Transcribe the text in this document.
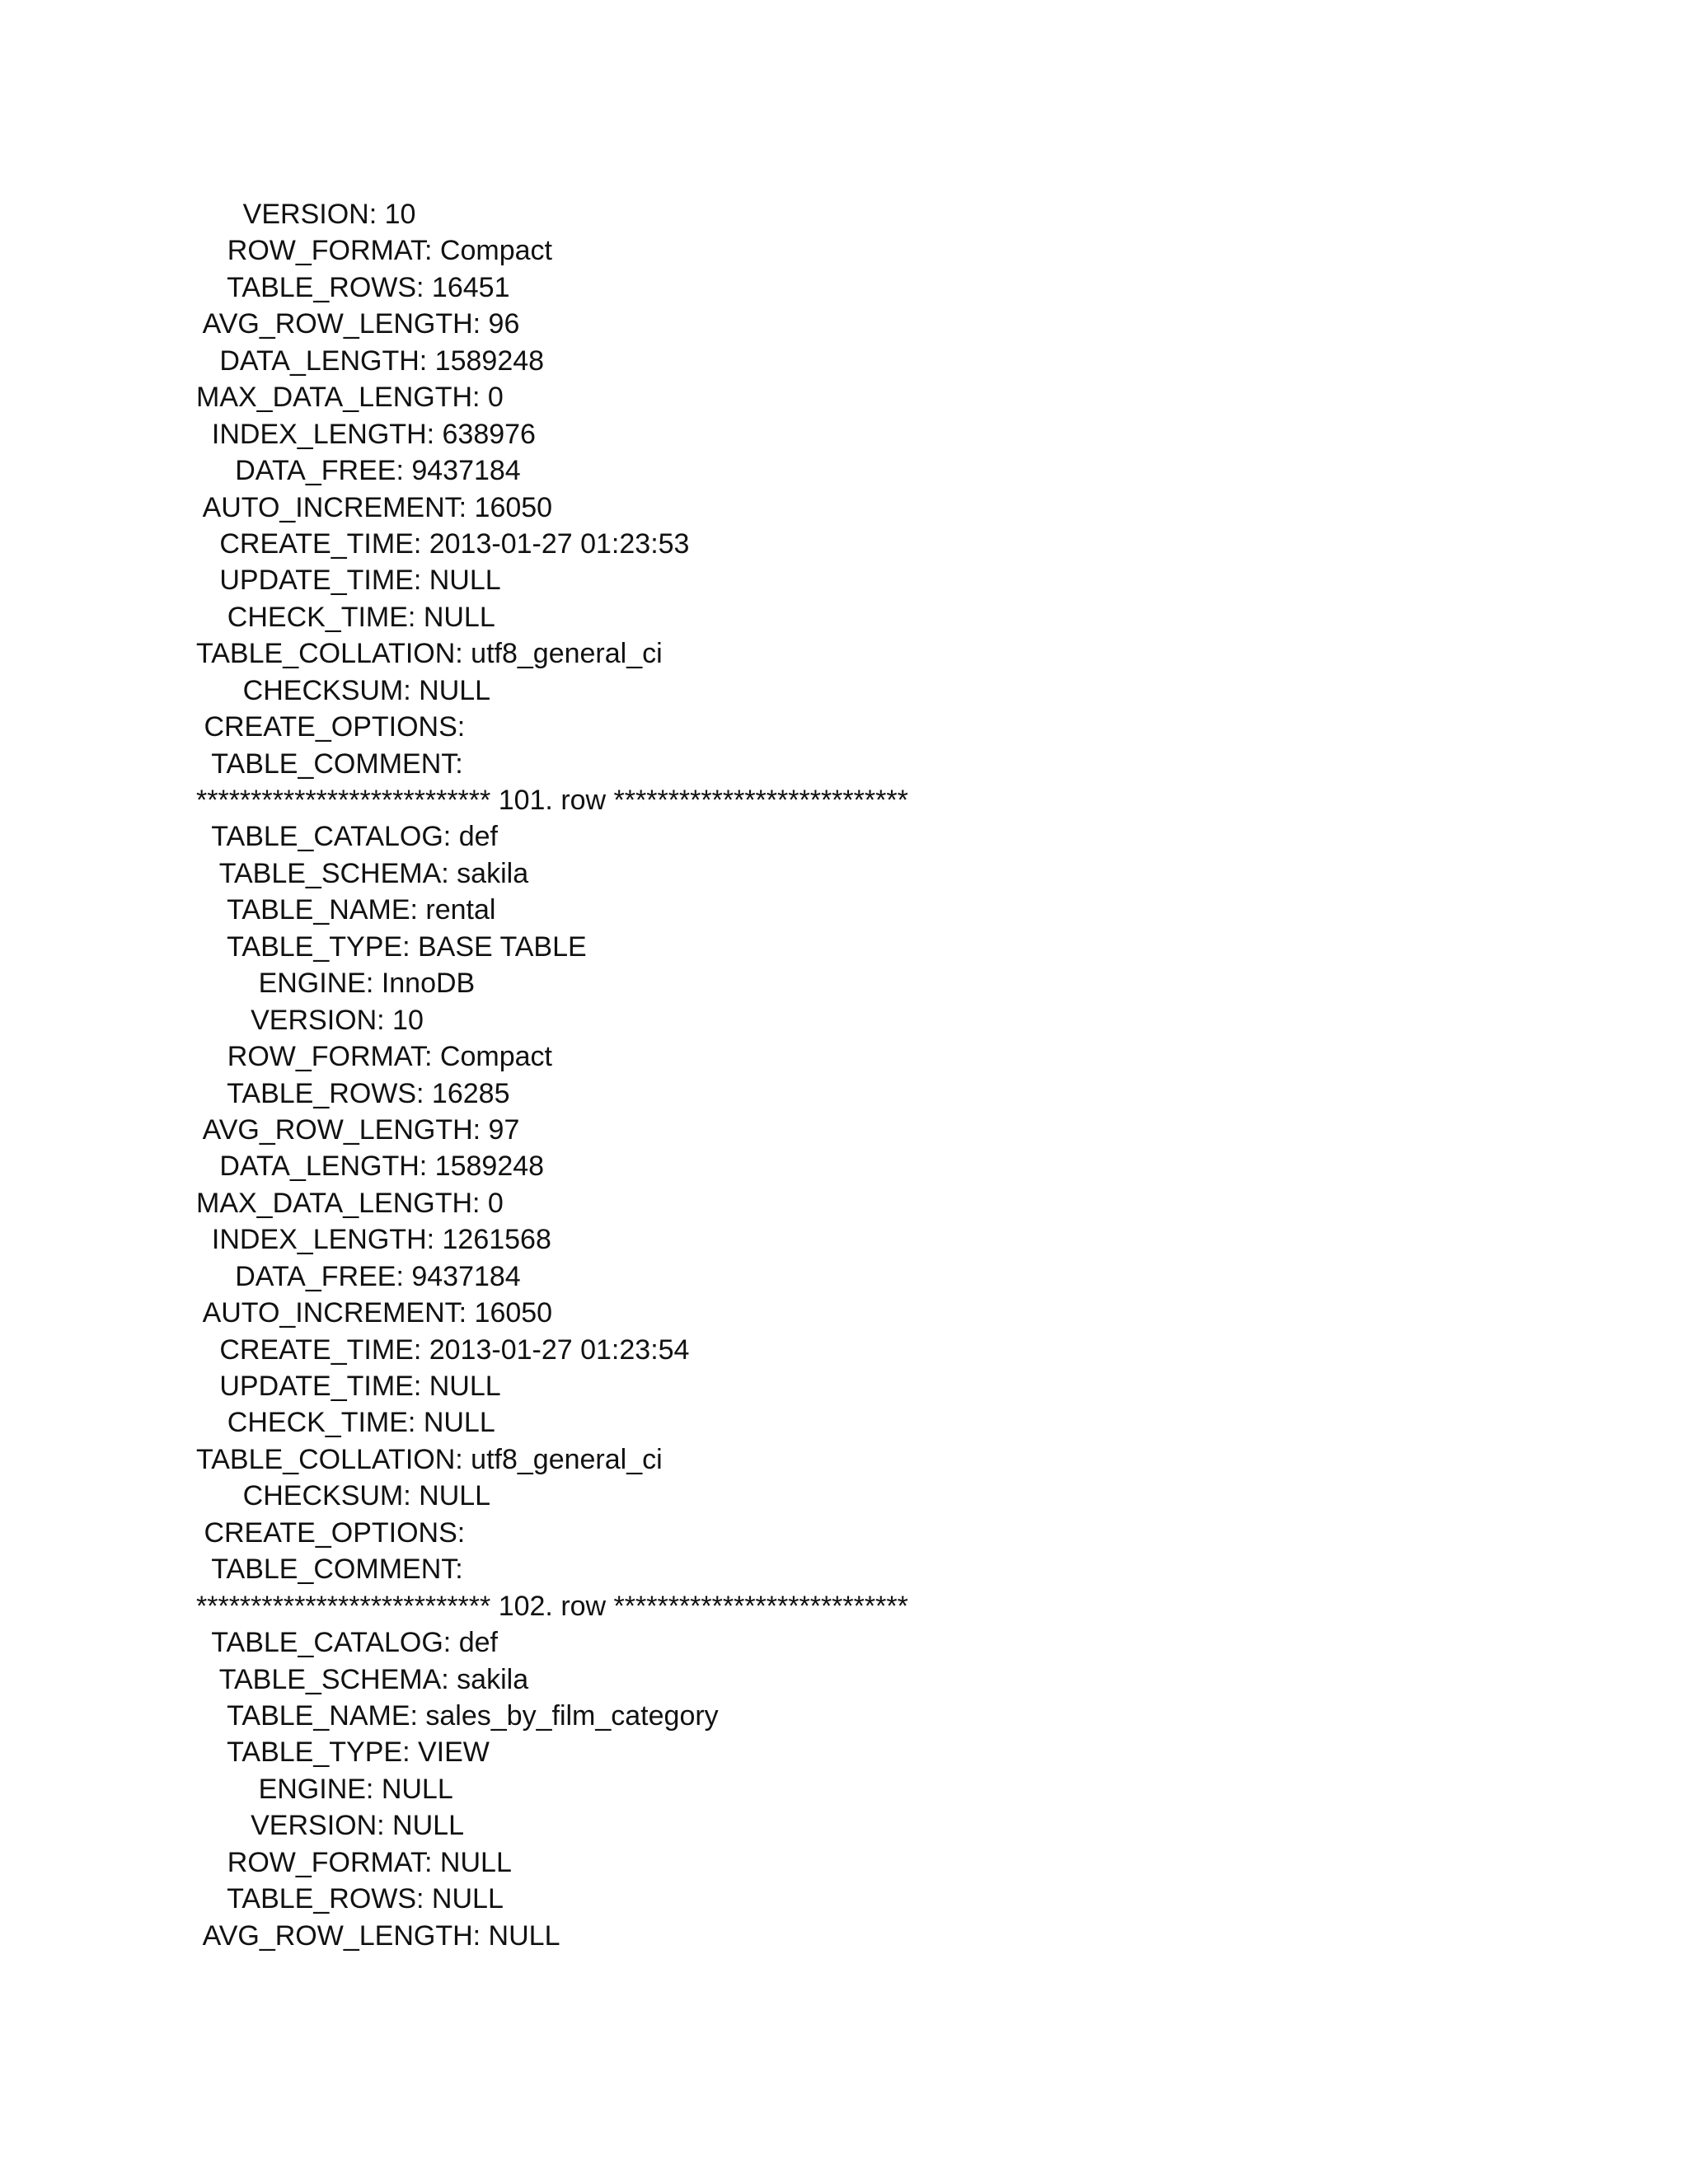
VERSION: 10
ROW_FORMAT: Compact
TABLE_ROWS: 16451
AVG_ROW_LENGTH: 96
DATA_LENGTH: 1589248
MAX_DATA_LENGTH: 0
INDEX_LENGTH: 638976
DATA_FREE: 9437184
AUTO_INCREMENT: 16050
CREATE_TIME: 2013-01-27 01:23:53
UPDATE_TIME: NULL
CHECK_TIME: NULL
TABLE_COLLATION: utf8_general_ci
CHECKSUM: NULL
CREATE_OPTIONS:
TABLE_COMMENT:
*************************** 101. row ***************************
TABLE_CATALOG: def
TABLE_SCHEMA: sakila
TABLE_NAME: rental
TABLE_TYPE: BASE TABLE
ENGINE: InnoDB
VERSION: 10
ROW_FORMAT: Compact
TABLE_ROWS: 16285
AVG_ROW_LENGTH: 97
DATA_LENGTH: 1589248
MAX_DATA_LENGTH: 0
INDEX_LENGTH: 1261568
DATA_FREE: 9437184
AUTO_INCREMENT: 16050
CREATE_TIME: 2013-01-27 01:23:54
UPDATE_TIME: NULL
CHECK_TIME: NULL
TABLE_COLLATION: utf8_general_ci
CHECKSUM: NULL
CREATE_OPTIONS:
TABLE_COMMENT:
*************************** 102. row ***************************
TABLE_CATALOG: def
TABLE_SCHEMA: sakila
TABLE_NAME: sales_by_film_category
TABLE_TYPE: VIEW
ENGINE: NULL
VERSION: NULL
ROW_FORMAT: NULL
TABLE_ROWS: NULL
AVG_ROW_LENGTH: NULL
